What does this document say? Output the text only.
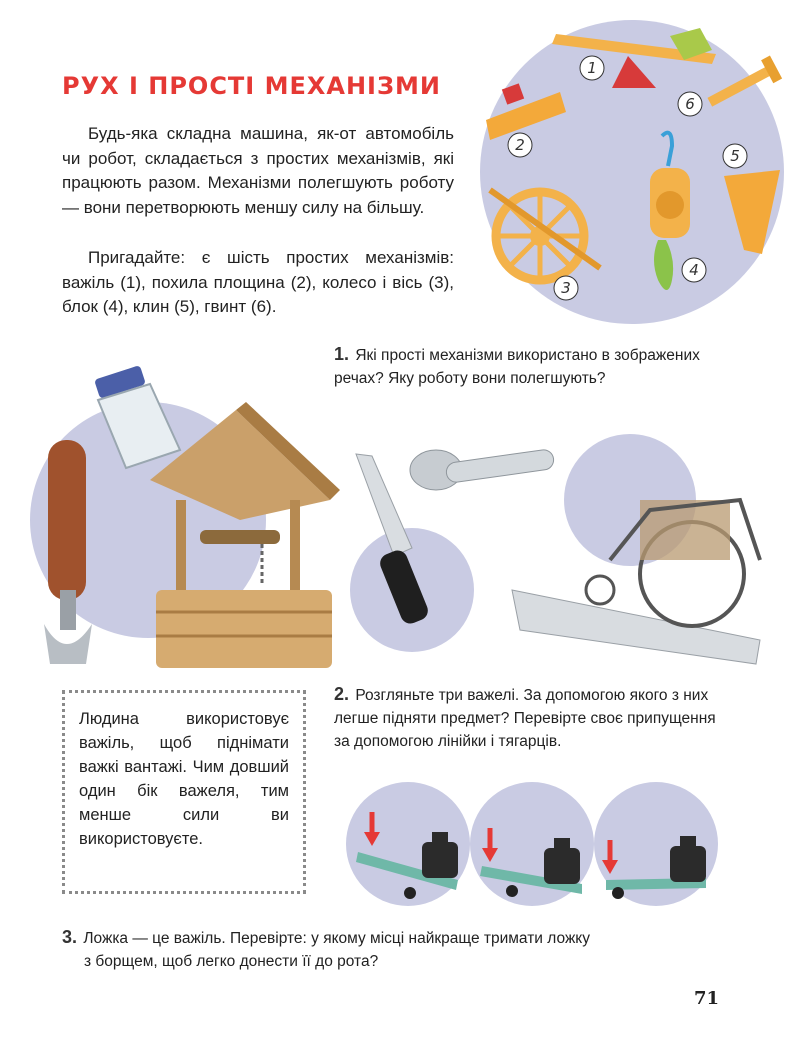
РУХ І ПРОСТІ МЕХАНІЗМИ
Будь-яка складна машина, як-от автомобіль чи робот, складається з простих механізмів, які працюють разом. Механізми полегшують роботу — вони перетворюють меншу силу на більшу.
Пригадайте: є шість простих механізмів: важіль (1), похила площина (2), колесо і вісь (3), блок (4), клин (5), гвинт (6).
1
2
3
4
5
6
1. Які прості механізми використано в зображених речах? Яку роботу вони полегшують?
Людина використовує важіль, щоб піднімати важкі вантажі. Чим довший один бік важеля, тим менше сили ви використовуєте.
2. Розгляньте три важелі. За допомогою якого з них легше підняти предмет? Перевірте своє припущення за допомогою лінійки і тягарців.
3. Ложка — це важіль. Перевірте: у якому місці найкраще тримати ложку
з борщем, щоб легко донести її до рота?
71
